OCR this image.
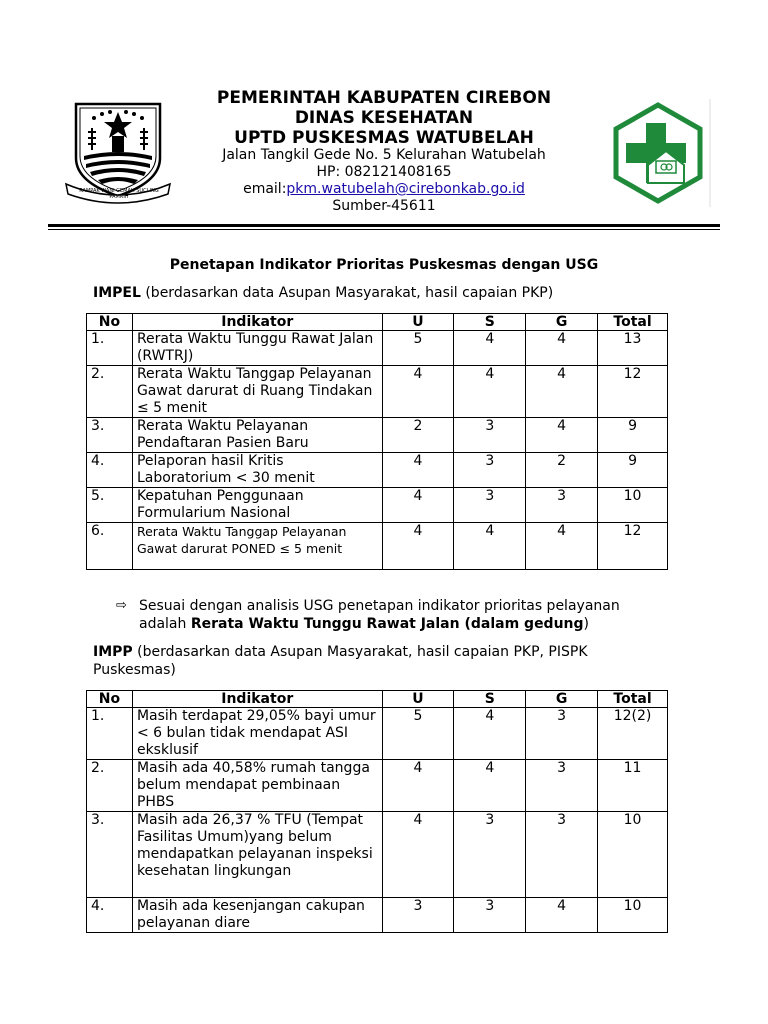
RAMPAK WANI GEMAH SUCI ING PAMRIH
PEMERINTAH KABUPATEN CIREBON
DINAS KESEHATAN
UPTD PUSKESMAS WATUBELAH
Jalan Tangkil Gede No. 5 Kelurahan Watubelah
HP: 082121408165
email:pkm.watubelah@cirebonkab.go.id
Sumber-45611
Penetapan Indikator Prioritas Puskesmas dengan USG
IMPEL (berdasarkan data Asupan Masyarakat, hasil capaian PKP)
No	Indikator	U	S	G	Total
1.	Rerata Waktu Tunggu Rawat Jalan (RWTRJ)	5	4	4	13
2.	Rerata Waktu Tanggap Pelayanan Gawat darurat di Ruang Tindakan ≤ 5 menit	4	4	4	12
3.	Rerata Waktu Pelayanan Pendaftaran Pasien Baru	2	3	4	9
4.	Pelaporan hasil Kritis Laboratorium < 30 menit	4	3	2	9
5.	Kepatuhan Penggunaan Formularium Nasional	4	3	3	10
6.	Rerata Waktu Tanggap Pelayanan Gawat darurat PONED ≤ 5 menit	4	4	4	12
⇨ Sesuai dengan analisis USG penetapan indikator prioritas pelayanan
adalah Rerata Waktu Tunggu Rawat Jalan (dalam gedung)
IMPP (berdasarkan data Asupan Masyarakat, hasil capaian PKP, PISPK
Puskesmas)
No	Indikator	U	S	G	Total
1.	Masih terdapat 29,05% bayi umur < 6 bulan tidak mendapat ASI eksklusif	5	4	3	12(2)
2.	Masih ada 40,58% rumah tangga belum mendapat pembinaan PHBS	4	4	3	11
3.	Masih ada 26,37 % TFU (Tempat Fasilitas Umum)yang belum mendapatkan pelayanan inspeksi kesehatan lingkungan	4	3	3	10
4.	Masih ada kesenjangan cakupan pelayanan diare	3	3	4	10
